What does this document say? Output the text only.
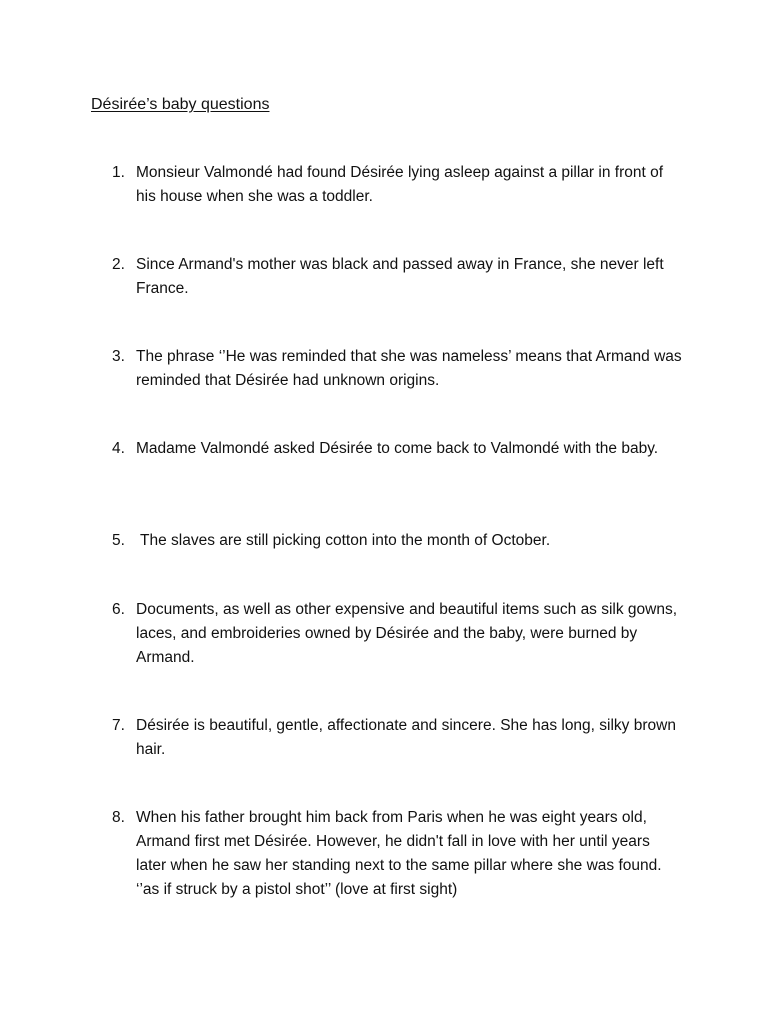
Désirée’s baby questions
1. Monsieur Valmondé had found Désirée lying asleep against a pillar in front of his house when she was a toddler.
2. Since Armand's mother was black and passed away in France, she never left France.
3. The phrase ‘’He was reminded that she was nameless’ means that Armand was reminded that Désirée had unknown origins.
4. Madame Valmondé asked Désirée to come back to Valmondé with the baby.
5. The slaves are still picking cotton into the month of October.
6. Documents, as well as other expensive and beautiful items such as silk gowns, laces, and embroideries owned by Désirée and the baby, were burned by Armand.
7. Désirée is beautiful, gentle, affectionate and sincere. She has long, silky brown hair.
8. When his father brought him back from Paris when he was eight years old, Armand first met Désirée. However, he didn't fall in love with her until years later when he saw her standing next to the same pillar where she was found. ‘’as if struck by a pistol shot’’ (love at first sight)
